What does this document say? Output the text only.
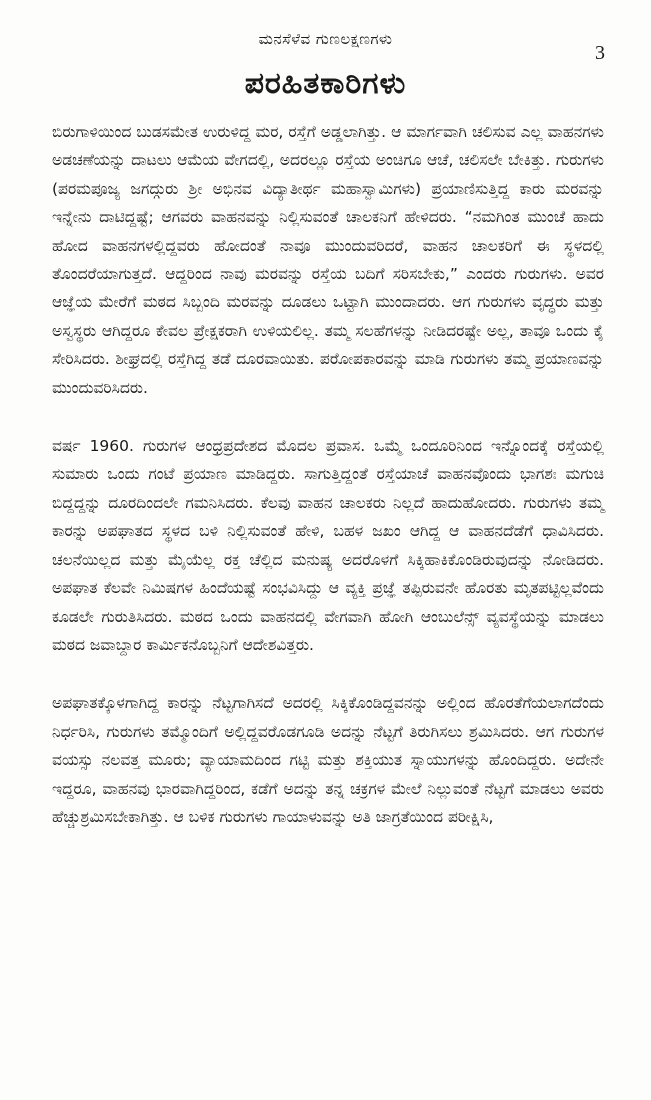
ಮನಸೆಳೆವ ಗುಣಲಕ್ಷಣಗಳು
3
ಪರಹಿತಕಾರಿಗಳು

ಬಿರುಗಾಳಿಯಿಂದ ಬುಡಸಮೇತ ಉರುಳಿದ್ದ ಮರ, ರಸ್ತೆಗೆ ಅಡ್ಡಲಾಗಿತ್ತು. ಆ ಮಾರ್ಗವಾಗಿ ಚಲಿಸುವ ಎಲ್ಲ ವಾಹನಗಳು ಅಡಚಣೆಯನ್ನು ದಾಟಲು ಆಮೆಯ ವೇಗದಲ್ಲಿ, ಅದರಲ್ಲೂ ರಸ್ತೆಯ ಅಂಚಿಗೂ ಆಚೆ, ಚಲಿಸಲೇ ಬೇಕಿತ್ತು. ಗುರುಗಳು (ಪರಮಪೂಜ್ಯ ಜಗದ್ಗುರು ಶ್ರೀ ಅಭಿನವ ವಿದ್ಯಾತೀರ್ಥ ಮಹಾಸ್ವಾಮಿಗಳು) ಪ್ರಯಾಣಿಸುತ್ತಿದ್ದ ಕಾರು ಮರವನ್ನು ಇನ್ನೇನು ದಾಟಿದ್ದಷ್ಟೆ; ಆಗವರು ವಾಹನವನ್ನು ನಿಲ್ಲಿಸುವಂತೆ ಚಾಲಕನಿಗೆ ಹೇಳಿದರು. “ನಮಗಿಂತ ಮುಂಚೆ ಹಾದು ಹೋದ ವಾಹನಗಳಲ್ಲಿದ್ದವರು ಹೋದಂತೆ ನಾವೂ ಮುಂದುವರಿದರೆ, ವಾಹನ ಚಾಲಕರಿಗೆ ಈ ಸ್ಥಳದಲ್ಲಿ ತೊಂದರೆಯಾಗುತ್ತದೆ. ಆದ್ದರಿಂದ ನಾವು ಮರವನ್ನು ರಸ್ತೆಯ ಬದಿಗೆ ಸರಿಸಬೇಕು,” ಎಂದರು ಗುರುಗಳು. ಅವರ ಆಜ್ಞೆಯ ಮೇರೆಗೆ ಮಠದ ಸಿಬ್ಬಂದಿ ಮರವನ್ನು ದೂಡಲು ಒಟ್ಟಾಗಿ ಮುಂದಾದರು. ಆಗ ಗುರುಗಳು ವೃದ್ಧರು ಮತ್ತು ಅಸ್ವಸ್ಥರು ಆಗಿದ್ದರೂ ಕೇವಲ ಪ್ರೇಕ್ಷಕರಾಗಿ ಉಳಿಯಲಿಲ್ಲ. ತಮ್ಮ ಸಲಹೆಗಳನ್ನು ನೀಡಿದರಷ್ಟೇ ಅಲ್ಲ, ತಾವೂ ಒಂದು ಕೈ ಸೇರಿಸಿದರು. ಶೀಘ್ರದಲ್ಲಿ ರಸ್ತೆಗಿದ್ದ ತಡೆ ದೂರವಾಯಿತು. ಪರೋಪಕಾರವನ್ನು ಮಾಡಿ ಗುರುಗಳು ತಮ್ಮ ಪ್ರಯಾಣವನ್ನು ಮುಂದುವರಿಸಿದರು.

ವರ್ಷ 1960. ಗುರುಗಳ ಆಂಧ್ರಪ್ರದೇಶದ ಮೊದಲ ಪ್ರವಾಸ. ಒಮ್ಮೆ ಒಂದೂರಿನಿಂದ ಇನ್ನೊಂದಕ್ಕೆ ರಸ್ತೆಯಲ್ಲಿ ಸುಮಾರು ಒಂದು ಗಂಟೆ ಪ್ರಯಾಣ ಮಾಡಿದ್ದರು. ಸಾಗುತ್ತಿದ್ದಂತೆ ರಸ್ತೆಯಾಚೆ ವಾಹನವೊಂದು ಭಾಗಶಃ ಮಗುಚಿ ಬಿದ್ದದ್ದನ್ನು ದೂರದಿಂದಲೇ ಗಮನಿಸಿದರು. ಕೆಲವು ವಾಹನ ಚಾಲಕರು ನಿಲ್ಲದೆ ಹಾದುಹೋದರು. ಗುರುಗಳು ತಮ್ಮ ಕಾರನ್ನು ಅಪಘಾತದ ಸ್ಥಳದ ಬಳಿ ನಿಲ್ಲಿಸುವಂತೆ ಹೇಳಿ, ಬಹಳ ಜಖಂ ಆಗಿದ್ದ ಆ ವಾಹನದೆಡೆಗೆ ಧಾವಿಸಿದರು. ಚಲನೆಯಿಲ್ಲದ ಮತ್ತು ಮೈಯೆಲ್ಲ ರಕ್ತ ಚೆಲ್ಲಿದ ಮನುಷ್ಯ ಅದರೊಳಗೆ ಸಿಕ್ಕಿಹಾಕಿಕೊಂಡಿರುವುದನ್ನು ನೋಡಿದರು. ಅಪಘಾತ ಕೆಲವೇ ನಿಮಿಷಗಳ ಹಿಂದೆಯಷ್ಟೆ ಸಂಭವಿಸಿದ್ದು ಆ ವ್ಯಕ್ತಿ ಪ್ರಜ್ಞೆ ತಪ್ಪಿರುವನೇ ಹೊರತು ಮೃತಪಟ್ಟಿಲ್ಲವೆಂದು ಕೂಡಲೇ ಗುರುತಿಸಿದರು. ಮಠದ ಒಂದು ವಾಹನದಲ್ಲಿ ವೇಗವಾಗಿ ಹೋಗಿ ಆಂಬುಲೆನ್ಸ್ ವ್ಯವಸ್ಥೆಯನ್ನು ಮಾಡಲು ಮಠದ ಜವಾಬ್ದಾರ ಕಾರ್ಮಿಕನೊಬ್ಬನಿಗೆ ಆದೇಶವಿತ್ತರು.

ಅಪಘಾತಕ್ಕೊಳಗಾಗಿದ್ದ ಕಾರನ್ನು ನೆಟ್ಟಗಾಗಿಸದೆ ಅದರಲ್ಲಿ ಸಿಕ್ಕಿಕೊಂಡಿದ್ದವನನ್ನು ಅಲ್ಲಿಂದ ಹೊರತೆಗೆಯಲಾಗದೆಂದು ನಿರ್ಧರಿಸಿ, ಗುರುಗಳು ತಮ್ಮೊಂದಿಗೆ ಅಲ್ಲಿದ್ದವರೊಡಗೂಡಿ ಅದನ್ನು ನೆಟ್ಟಗೆ ತಿರುಗಿಸಲು ಶ್ರಮಿಸಿದರು. ಆಗ ಗುರುಗಳ ವಯಸ್ಸು ನಲವತ್ತ ಮೂರು; ವ್ಯಾಯಾಮದಿಂದ ಗಟ್ಟಿ ಮತ್ತು ಶಕ್ತಿಯುತ ಸ್ನಾಯುಗಳನ್ನು ಹೊಂದಿದ್ದರು. ಅದೇನೇ ಇದ್ದರೂ, ವಾಹನವು ಭಾರವಾಗಿದ್ದರಿಂದ, ಕಡೆಗೆ ಅದನ್ನು ತನ್ನ ಚಕ್ರಗಳ ಮೇಲೆ ನಿಲ್ಲುವಂತೆ ನೆಟ್ಟಗೆ ಮಾಡಲು ಅವರು ಹೆಚ್ಚುಶ್ರಮಿಸಬೇಕಾಗಿತ್ತು. ಆ ಬಳಿಕ ಗುರುಗಳು ಗಾಯಾಳುವನ್ನು ಅತಿ ಜಾಗ್ರತೆಯಿಂದ ಪರೀಕ್ಷಿಸಿ,
